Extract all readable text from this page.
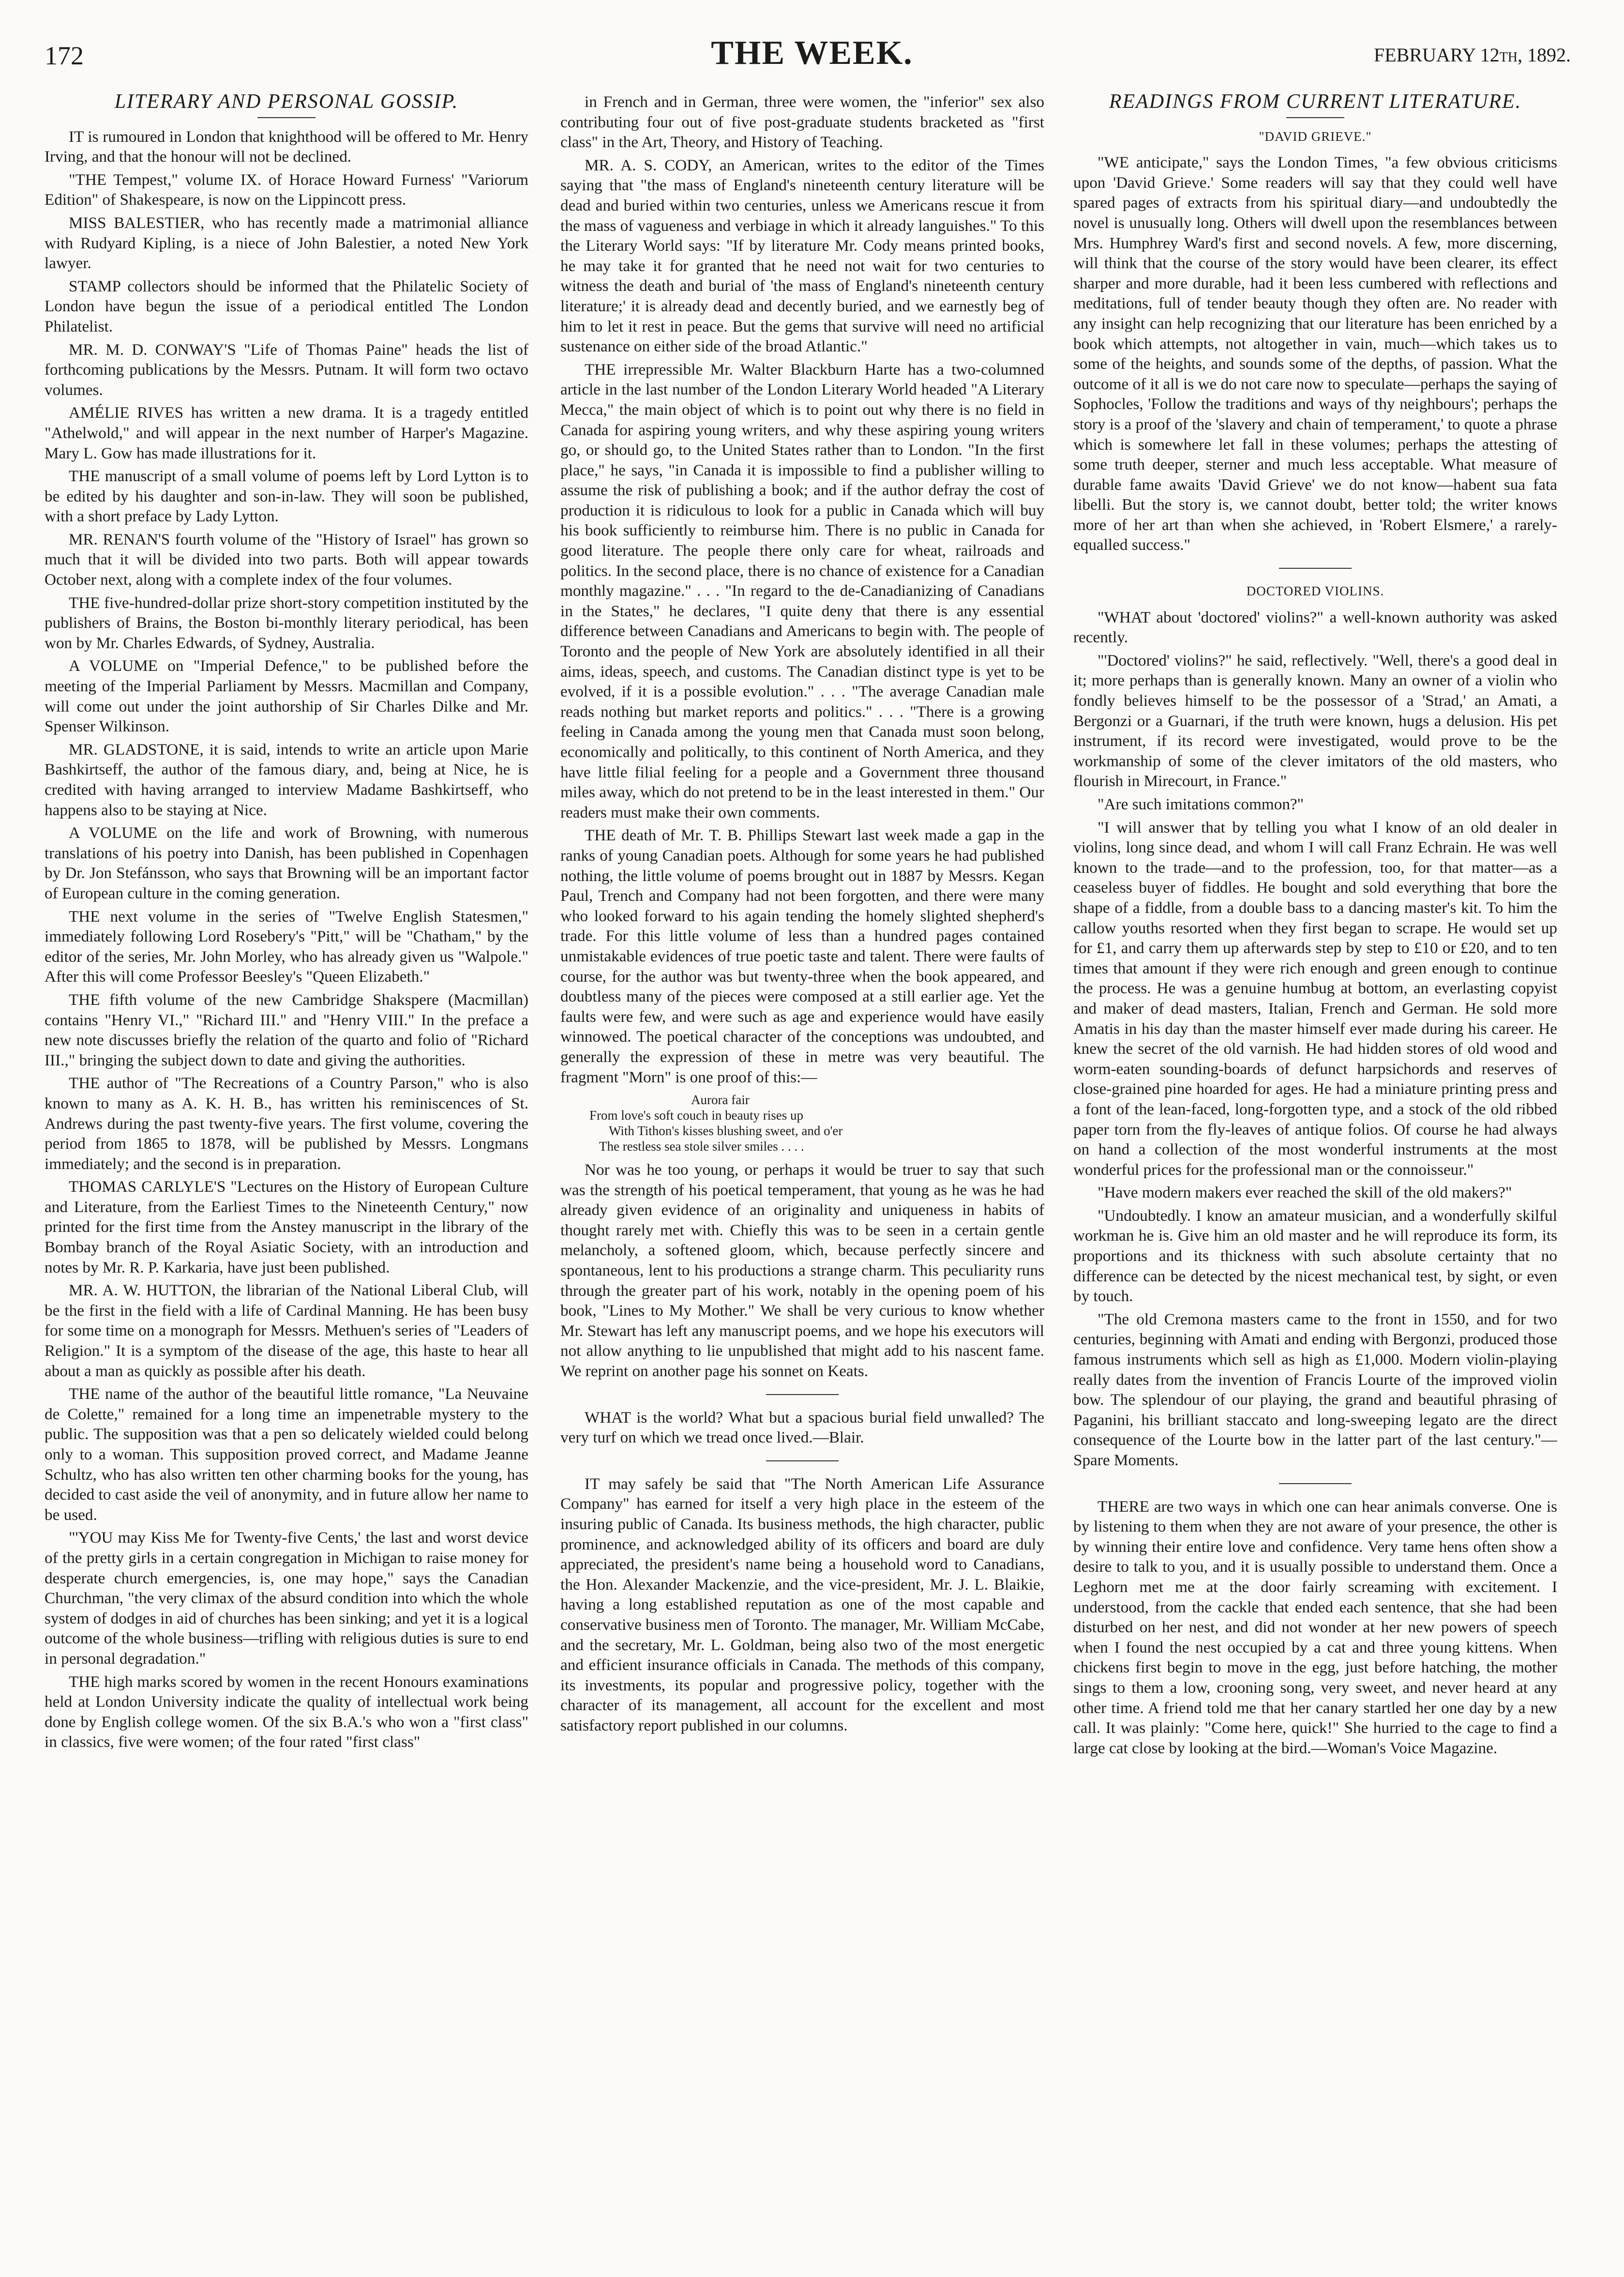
172	THE WEEK.	FEBRUARY 12th, 1892.
LITERARY AND PERSONAL GOSSIP.

IT is rumoured in London that knighthood will be offered to Mr. Henry Irving, and that the honour will not be declined.

"THE Tempest," volume IX. of Horace Howard Furness' "Variorum Edition" of Shakespeare, is now on the Lippincott press.

MISS BALESTIER, who has recently made a matrimonial alliance with Rudyard Kipling, is a niece of John Balestier, a noted New York lawyer.

STAMP collectors should be informed that the Philatelic Society of London have begun the issue of a periodical entitled The London Philatelist.

MR. M. D. CONWAY'S "Life of Thomas Paine" heads the list of forthcoming publications by the Messrs. Putnam. It will form two octavo volumes.

AMÉLIE RIVES has written a new drama. It is a tragedy entitled "Athelwold," and will appear in the next number of Harper's Magazine. Mary L. Gow has made illustrations for it.

THE manuscript of a small volume of poems left by Lord Lytton is to be edited by his daughter and son-in-law. They will soon be published, with a short preface by Lady Lytton.

MR. RENAN'S fourth volume of the "History of Israel" has grown so much that it will be divided into two parts. Both will appear towards October next, along with a complete index of the four volumes.

THE five-hundred-dollar prize short-story competition instituted by the publishers of Brains, the Boston bi-monthly literary periodical, has been won by Mr. Charles Edwards, of Sydney, Australia.

A VOLUME on "Imperial Defence," to be published before the meeting of the Imperial Parliament by Messrs. Macmillan and Company, will come out under the joint authorship of Sir Charles Dilke and Mr. Spenser Wilkinson.

MR. GLADSTONE, it is said, intends to write an article upon Marie Bashkirtseff, the author of the famous diary, and, being at Nice, he is credited with having arranged to interview Madame Bashkirtseff, who happens also to be staying at Nice.

A VOLUME on the life and work of Browning, with numerous translations of his poetry into Danish, has been published in Copenhagen by Dr. Jon Stefánsson, who says that Browning will be an important factor of European culture in the coming generation.

THE next volume in the series of "Twelve English Statesmen," immediately following Lord Rosebery's "Pitt," will be "Chatham," by the editor of the series, Mr. John Morley, who has already given us "Walpole." After this will come Professor Beesley's "Queen Elizabeth."

THE fifth volume of the new Cambridge Shakspere (Macmillan) contains "Henry VI.," "Richard III." and "Henry VIII." In the preface a new note discusses briefly the relation of the quarto and folio of "Richard III.," bringing the subject down to date and giving the authorities.

THE author of "The Recreations of a Country Parson," who is also known to many as A. K. H. B., has written his reminiscences of St. Andrews during the past twenty-five years. The first volume, covering the period from 1865 to 1878, will be published by Messrs. Longmans immediately; and the second is in preparation.

THOMAS CARLYLE'S "Lectures on the History of European Culture and Literature, from the Earliest Times to the Nineteenth Century," now printed for the first time from the Anstey manuscript in the library of the Bombay branch of the Royal Asiatic Society, with an introduction and notes by Mr. R. P. Karkaria, have just been published.

MR. A. W. HUTTON, the librarian of the National Liberal Club, will be the first in the field with a life of Cardinal Manning. He has been busy for some time on a monograph for Messrs. Methuen's series of "Leaders of Religion." It is a symptom of the disease of the age, this haste to hear all about a man as quickly as possible after his death.

THE name of the author of the beautiful little romance, "La Neuvaine de Colette," remained for a long time an impenetrable mystery to the public. The supposition was that a pen so delicately wielded could belong only to a woman. This supposition proved correct, and Madame Jeanne Schultz, who has also written ten other charming books for the young, has decided to cast aside the veil of anonymity, and in future allow her name to be used.

"'YOU may Kiss Me for Twenty-five Cents,' the last and worst device of the pretty girls in a certain congregation in Michigan to raise money for desperate church emergencies, is, one may hope," says the Canadian Churchman, "the very climax of the absurd condition into which the whole system of dodges in aid of churches has been sinking; and yet it is a logical outcome of the whole business—trifling with religious duties is sure to end in personal degradation."

THE high marks scored by women in the recent Honours examinations held at London University indicate the quality of intellectual work being done by English college women. Of the six B.A.'s who won a "first class" in classics, five were women; of the four rated "first class"

in French and in German, three were women, the "inferior" sex also contributing four out of five post-graduate students bracketed as "first class" in the Art, Theory, and History of Teaching.

MR. A. S. CODY, an American, writes to the editor of the Times saying that "the mass of England's nineteenth century literature will be dead and buried within two centuries, unless we Americans rescue it from the mass of vagueness and verbiage in which it already languishes." To this the Literary World says: "If by literature Mr. Cody means printed books, he may take it for granted that he need not wait for two centuries to witness the death and burial of 'the mass of England's nineteenth century literature;' it is already dead and decently buried, and we earnestly beg of him to let it rest in peace. But the gems that survive will need no artificial sustenance on either side of the broad Atlantic."

THE irrepressible Mr. Walter Blackburn Harte has a two-columned article in the last number of the London Literary World headed "A Literary Mecca," the main object of which is to point out why there is no field in Canada for aspiring young writers, and why these aspiring young writers go, or should go, to the United States rather than to London. "In the first place," he says, "in Canada it is impossible to find a publisher willing to assume the risk of publishing a book; and if the author defray the cost of production it is ridiculous to look for a public in Canada which will buy his book sufficiently to reimburse him. There is no public in Canada for good literature. The people there only care for wheat, railroads and politics. In the second place, there is no chance of existence for a Canadian monthly magazine." . . . "In regard to the de-Canadianizing of Canadians in the States," he declares, "I quite deny that there is any essential difference between Canadians and Americans to begin with. The people of Toronto and the people of New York are absolutely identified in all their aims, ideas, speech, and customs. The Canadian distinct type is yet to be evolved, if it is a possible evolution." . . . "The average Canadian male reads nothing but market reports and politics." . . . "There is a growing feeling in Canada among the young men that Canada must soon belong, economically and politically, to this continent of North America, and they have little filial feeling for a people and a Government three thousand miles away, which do not pretend to be in the least interested in them." Our readers must make their own comments.

THE death of Mr. T. B. Phillips Stewart last week made a gap in the ranks of young Canadian poets. Although for some years he had published nothing, the little volume of poems brought out in 1887 by Messrs. Kegan Paul, Trench and Company had not been forgotten, and there were many who looked forward to his again tending the homely slighted shepherd's trade. For this little volume of less than a hundred pages contained unmistakable evidences of true poetic taste and talent. There were faults of course, for the author was but twenty-three when the book appeared, and doubtless many of the pieces were composed at a still earlier age. Yet the faults were few, and were such as age and experience would have easily winnowed. The poetical character of the conceptions was undoubted, and generally the expression of these in metre was very beautiful. The fragment "Morn" is one proof of this:—

Aurora fair
From love's soft couch in beauty rises up
With Tithon's kisses blushing sweet, and o'er
The restless sea stole silver smiles . . . .

Nor was he too young, or perhaps it would be truer to say that such was the strength of his poetical temperament, that young as he was he had already given evidence of an originality and uniqueness in habits of thought rarely met with. Chiefly this was to be seen in a certain gentle melancholy, a softened gloom, which, because perfectly sincere and spontaneous, lent to his productions a strange charm. This peculiarity runs through the greater part of his work, notably in the opening poem of his book, "Lines to My Mother." We shall be very curious to know whether Mr. Stewart has left any manuscript poems, and we hope his executors will not allow anything to lie unpublished that might add to his nascent fame. We reprint on another page his sonnet on Keats.

WHAT is the world? What but a spacious burial field unwalled? The very turf on which we tread once lived.—Blair.

IT may safely be said that "The North American Life Assurance Company" has earned for itself a very high place in the esteem of the insuring public of Canada. Its business methods, the high character, public prominence, and acknowledged ability of its officers and board are duly appreciated, the president's name being a household word to Canadians, the Hon. Alexander Mackenzie, and the vice-president, Mr. J. L. Blaikie, having a long established reputation as one of the most capable and conservative business men of Toronto. The manager, Mr. William McCabe, and the secretary, Mr. L. Goldman, being also two of the most energetic and efficient insurance officials in Canada. The methods of this company, its investments, its popular and progressive policy, together with the character of its management, all account for the excellent and most satisfactory report published in our columns.

READINGS FROM CURRENT LITERATURE.
"DAVID GRIEVE."

"WE anticipate," says the London Times, "a few obvious criticisms upon 'David Grieve.' Some readers will say that they could well have spared pages of extracts from his spiritual diary—and undoubtedly the novel is unusually long. Others will dwell upon the resemblances between Mrs. Humphrey Ward's first and second novels. A few, more discerning, will think that the course of the story would have been clearer, its effect sharper and more durable, had it been less cumbered with reflections and meditations, full of tender beauty though they often are. No reader with any insight can help recognizing that our literature has been enriched by a book which attempts, not altogether in vain, much—which takes us to some of the heights, and sounds some of the depths, of passion. What the outcome of it all is we do not care now to speculate—perhaps the saying of Sophocles, 'Follow the traditions and ways of thy neighbours'; perhaps the story is a proof of the 'slavery and chain of temperament,' to quote a phrase which is somewhere let fall in these volumes; perhaps the attesting of some truth deeper, sterner and much less acceptable. What measure of durable fame awaits 'David Grieve' we do not know—habent sua fata libelli. But the story is, we cannot doubt, better told; the writer knows more of her art than when she achieved, in 'Robert Elsmere,' a rarely-equalled success."

DOCTORED VIOLINS.

"WHAT about 'doctored' violins?" a well-known authority was asked recently.

"'Doctored' violins?" he said, reflectively. "Well, there's a good deal in it; more perhaps than is generally known. Many an owner of a violin who fondly believes himself to be the possessor of a 'Strad,' an Amati, a Bergonzi or a Guarnari, if the truth were known, hugs a delusion. His pet instrument, if its record were investigated, would prove to be the workmanship of some of the clever imitators of the old masters, who flourish in Mirecourt, in France."

"Are such imitations common?"

"I will answer that by telling you what I know of an old dealer in violins, long since dead, and whom I will call Franz Echrain. He was well known to the trade—and to the profession, too, for that matter—as a ceaseless buyer of fiddles. He bought and sold everything that bore the shape of a fiddle, from a double bass to a dancing master's kit. To him the callow youths resorted when they first began to scrape. He would set up for £1, and carry them up afterwards step by step to £10 or £20, and to ten times that amount if they were rich enough and green enough to continue the process. He was a genuine humbug at bottom, an everlasting copyist and maker of dead masters, Italian, French and German. He sold more Amatis in his day than the master himself ever made during his career. He knew the secret of the old varnish. He had hidden stores of old wood and worm-eaten sounding-boards of defunct harpsichords and reserves of close-grained pine hoarded for ages. He had a miniature printing press and a font of the lean-faced, long-forgotten type, and a stock of the old ribbed paper torn from the fly-leaves of antique folios. Of course he had always on hand a collection of the most wonderful instruments at the most wonderful prices for the professional man or the connoisseur."

"Have modern makers ever reached the skill of the old makers?"

"Undoubtedly. I know an amateur musician, and a wonderfully skilful workman he is. Give him an old master and he will reproduce its form, its proportions and its thickness with such absolute certainty that no difference can be detected by the nicest mechanical test, by sight, or even by touch.

"The old Cremona masters came to the front in 1550, and for two centuries, beginning with Amati and ending with Bergonzi, produced those famous instruments which sell as high as £1,000. Modern violin-playing really dates from the invention of Francis Lourte of the improved violin bow. The splendour of our playing, the grand and beautiful phrasing of Paganini, his brilliant staccato and long-sweeping legato are the direct consequence of the Lourte bow in the latter part of the last century."—Spare Moments.

THERE are two ways in which one can hear animals converse. One is by listening to them when they are not aware of your presence, the other is by winning their entire love and confidence. Very tame hens often show a desire to talk to you, and it is usually possible to understand them. Once a Leghorn met me at the door fairly screaming with excitement. I understood, from the cackle that ended each sentence, that she had been disturbed on her nest, and did not wonder at her new powers of speech when I found the nest occupied by a cat and three young kittens. When chickens first begin to move in the egg, just before hatching, the mother sings to them a low, crooning song, very sweet, and never heard at any other time. A friend told me that her canary startled her one day by a new call. It was plainly: "Come here, quick!" She hurried to the cage to find a large cat close by looking at the bird.—Woman's Voice Magazine.
